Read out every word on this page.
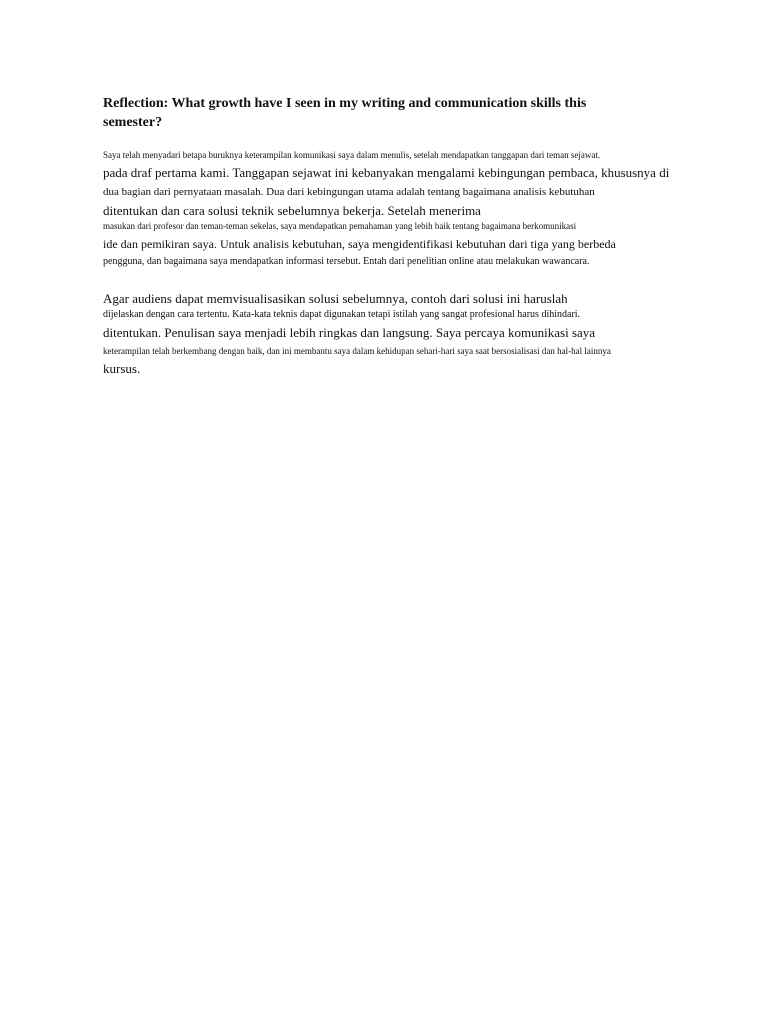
Reflection: What growth have I seen in my writing and communication skills this semester?

Saya telah menyadari betapa buruknya keterampilan komunikasi saya dalam menulis, setelah mendapatkan tanggapan dari teman sejawat.

pada draf pertama kami. Tanggapan sejawat ini kebanyakan mengalami kebingungan pembaca, khususnya di

dua bagian dari pernyataan masalah. Dua dari kebingungan utama adalah tentang bagaimana analisis kebutuhan

ditentukan dan cara solusi teknik sebelumnya bekerja. Setelah menerima

masukan dari profesor dan teman-teman sekelas, saya mendapatkan pemahaman yang lebih baik tentang bagaimana berkomunikasi

ide dan pemikiran saya. Untuk analisis kebutuhan, saya mengidentifikasi kebutuhan dari tiga yang berbeda

pengguna, dan bagaimana saya mendapatkan informasi tersebut. Entah dari penelitian online atau melakukan wawancara.

Agar audiens dapat memvisualisasikan solusi sebelumnya, contoh dari solusi ini haruslah

dijelaskan dengan cara tertentu. Kata-kata teknis dapat digunakan tetapi istilah yang sangat profesional harus dihindari.

ditentukan. Penulisan saya menjadi lebih ringkas dan langsung. Saya percaya komunikasi saya

keterampilan telah berkembang dengan baik, dan ini membantu saya dalam kehidupan sehari-hari saya saat bersosialisasi dan hal-hal lainnya

kursus.
